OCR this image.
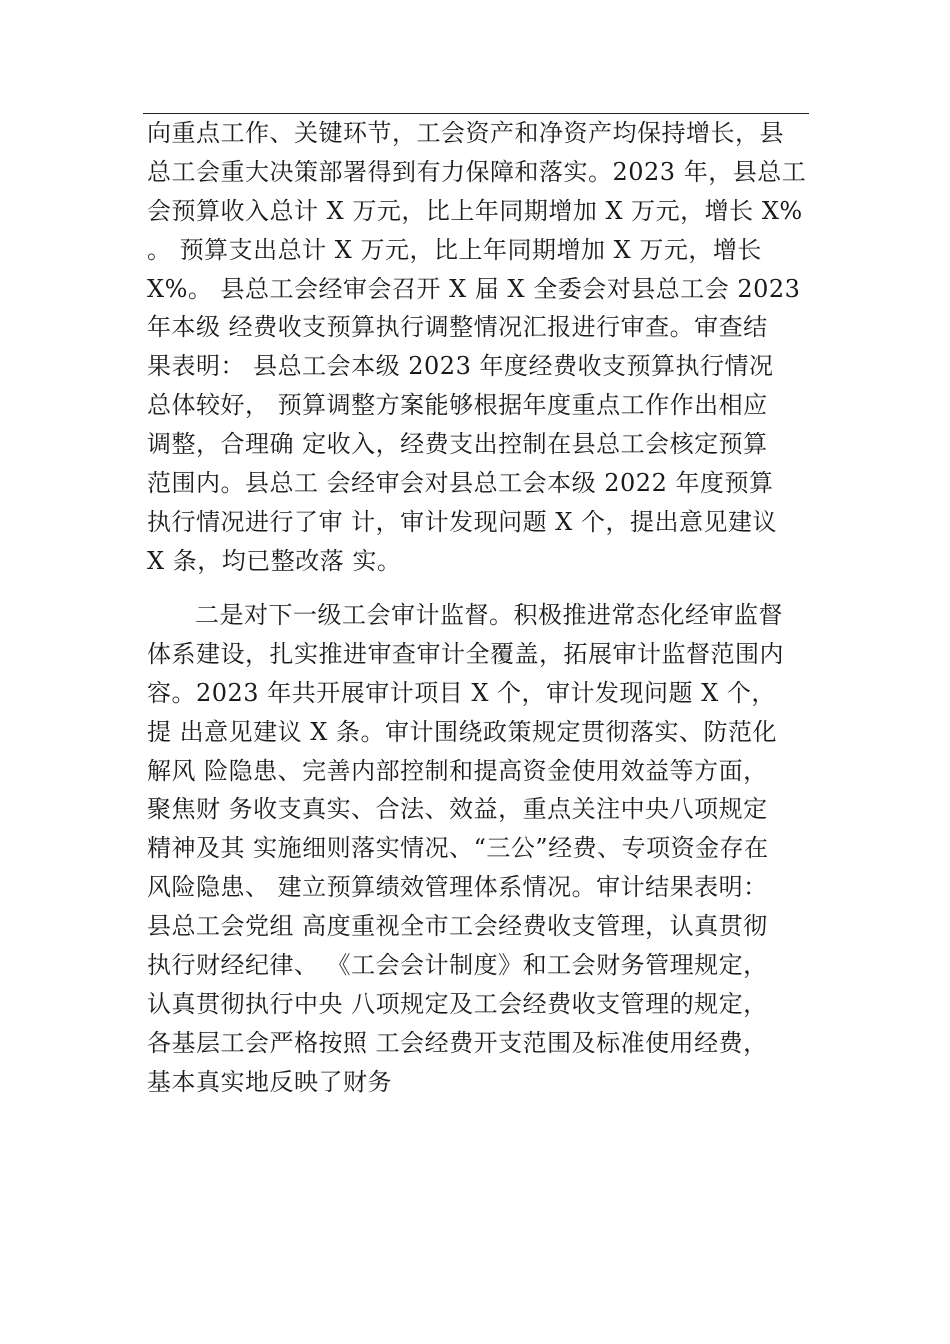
向重点工作、关键环节，工会资产和净资产均保持增长，县
总工会重大决策部署得到有力保障和落实。2023 年，县总工
会预算收入总计 X 万元，比上年同期增加 X 万元，增长 X%
。 预算支出总计 X 万元，比上年同期增加 X 万元，增长
X%。 县总工会经审会召开 X 届 X 全委会对县总工会 2023
年本级 经费收支预算执行调整情况汇报进行审查。审查结
果表明： 县总工会本级 2023 年度经费收支预算执行情况
总体较好， 预算调整方案能够根据年度重点工作作出相应
调整，合理确 定收入，经费支出控制在县总工会核定预算
范围内。县总工 会经审会对县总工会本级 2022 年度预算
执行情况进行了审 计，审计发现问题 X 个，提出意见建议
X 条，均已整改落 实。
二是对下一级工会审计监督。积极推进常态化经审监督
体系建设，扎实推进审查审计全覆盖，拓展审计监督范围内
容。2023 年共开展审计项目 X 个，审计发现问题 X 个，
提 出意见建议 X 条。审计围绕政策规定贯彻落实、防范化
解风 险隐患、完善内部控制和提高资金使用效益等方面，
聚焦财 务收支真实、合法、效益，重点关注中央八项规定
精神及其 实施细则落实情况、“三公”经费、专项资金存在
风险隐患、 建立预算绩效管理体系情况。审计结果表明：
县总工会党组 高度重视全市工会经费收支管理，认真贯彻
执行财经纪律、 《工会会计制度》和工会财务管理规定，
认真贯彻执行中央 八项规定及工会经费收支管理的规定，
各基层工会严格按照 工会经费开支范围及标准使用经费，
基本真实地反映了财务
